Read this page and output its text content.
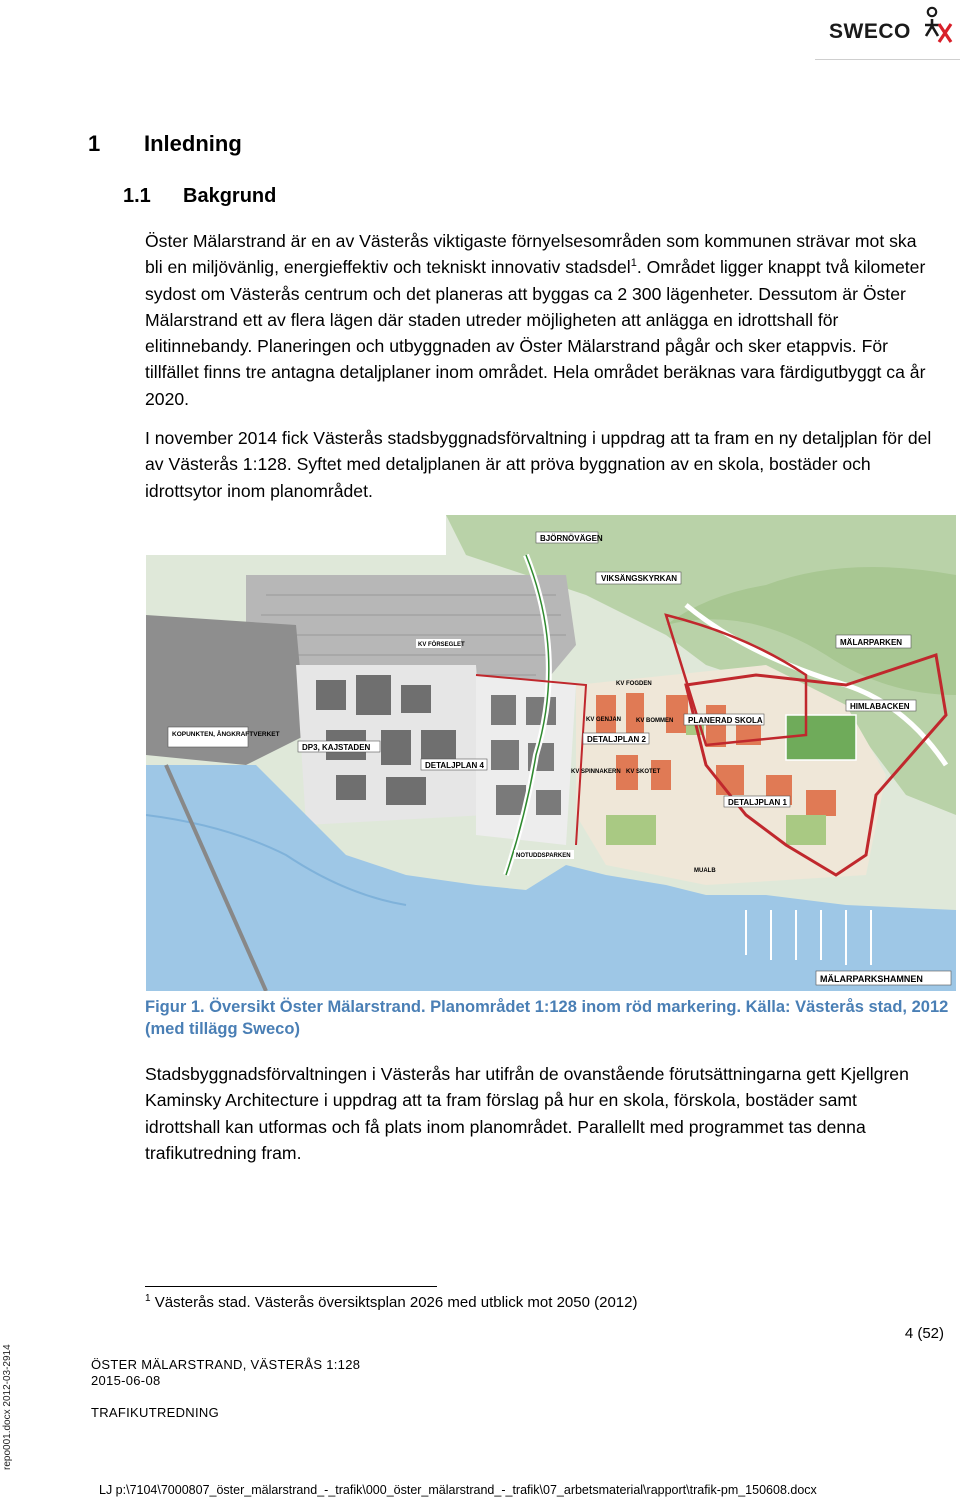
SWECO
1 Inledning
1.1 Bakgrund
Öster Mälarstrand är en av Västerås viktigaste förnyelsesområden som kommunen strävar mot ska bli en miljövänlig, energieffektiv och tekniskt innovativ stadsdel$^1$. Området ligger knappt två kilometer sydost om Västerås centrum och det planeras att byggas ca 2 300 lägenheter. Dessutom är Öster Mälarstrand ett av flera lägen där staden utreder möjligheten att anlägga en idrottshall för elitinnebandy. Planeringen och utbyggnaden av Öster Mälarstrand pågår och sker etappvis. För tillfället finns tre antagna detaljplaner inom området. Hela området beräknas vara färdigutbyggt ca år 2020.
I november 2014 fick Västerås stadsbyggnadsförvaltning i uppdrag att ta fram en ny detaljplan för del av Västerås 1:128. Syftet med detaljplanen är att pröva byggnation av en skola, bostäder och idrottsytor inom planområdet.
BJÖRNÖVÄGEN
VIKSÄNGSKYRKAN
MÄLARPARKEN
HIMLABACKEN
PLANERAD SKOLA
DETALJPLAN 2
DETALJPLAN 1
DETALJPLAN 4
DP3, KAJSTADEN
KOPUNKTEN, ÅNGKRAFTVERKET
KV FÖRSEGLET
KV FOGDEN
KV GENJAN KV BOMMEN
KV SPINNAKERN KV SKOTET
NOTUDDSPARKEN
MUALB
MÄLARPARKSHAMNEN
Figur 1. Översikt Öster Mälarstrand. Planområdet 1:128 inom röd markering. Källa: Västerås stad, 2012 (med tillägg Sweco)
Stadsbyggnadsförvaltningen i Västerås har utifrån de ovanstående förutsättningarna gett Kjellgren Kaminsky Architecture i uppdrag att ta fram förslag på hur en skola, förskola, bostäder samt idrottshall kan utformas och få plats inom planområdet. Parallellt med programmet tas denna trafikutredning fram.
$^1$ Västerås stad. Västerås översiktsplan 2026 med utblick mot 2050 (2012)
4 (52)
ÖSTER MÄLARSTRAND, VÄSTERÅS 1:128
2015-06-08
TRAFIKUTREDNING
repo001.docx 2012-03-2914
LJ p:\7104\7000807_öster_mälarstrand_-_trafik\000_öster_mälarstrand_-_trafik\07_arbetsmaterial\rapport\trafik-pm_150608.docx
